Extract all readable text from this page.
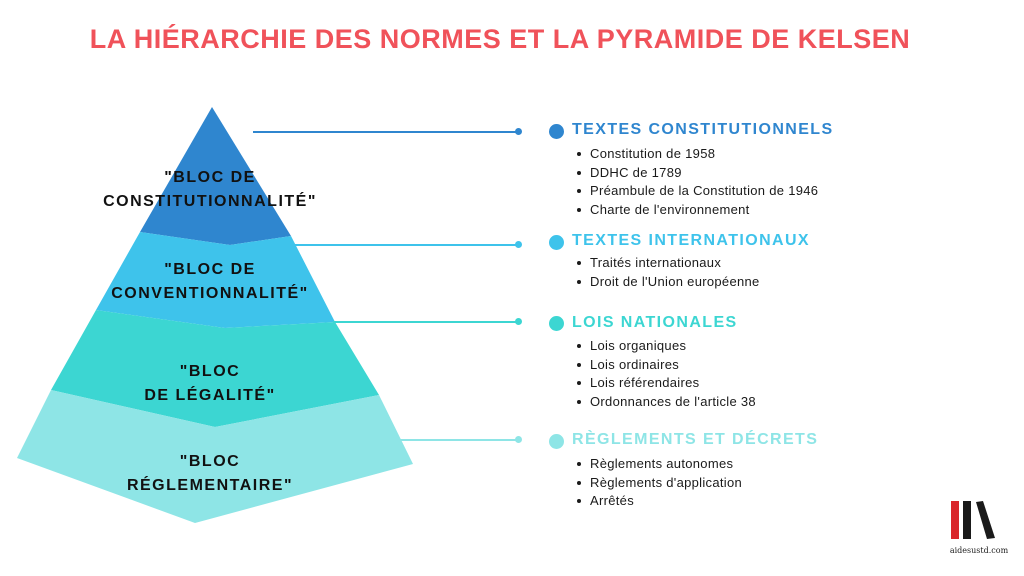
LA HIÉRARCHIE DES NORMES ET LA PYRAMIDE DE KELSEN
"BLOC DE
CONSTITUTIONNALITÉ"
"BLOC DE
CONVENTIONNALITÉ"
"BLOC
DE LÉGALITÉ"
"BLOC
RÉGLEMENTAIRE"
TEXTES CONSTITUTIONNELS
Constitution de 1958
DDHC de 1789
Préambule de la Constitution de 1946
Charte de l'environnement
TEXTES INTERNATIONAUX
Traités internationaux
Droit de l'Union européenne
LOIS NATIONALES
Lois organiques
Lois ordinaires
Lois référendaires
Ordonnances de l'article 38
RÈGLEMENTS ET DÉCRETS
Règlements autonomes
Règlements d'application
Arrêtés
aidesustd.com
